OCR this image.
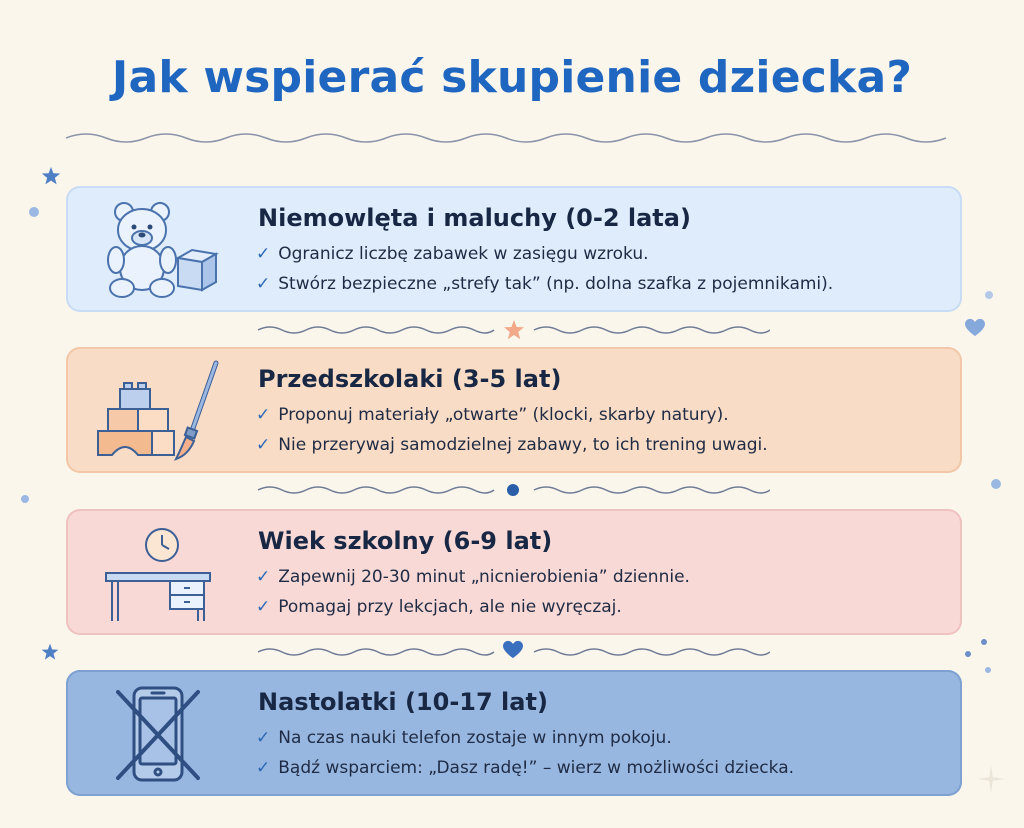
Jak wspierać skupienie dziecka?
Niemowlęta i maluchy (0-2 lata)

✓ Ogranicz liczbę zabawek w zasięgu wzroku.

✓ Stwórz bezpieczne „strefy tak” (np. dolna szafka z pojemnikami).

Przedszkolaki (3-5 lat)

✓ Proponuj materiały „otwarte” (klocki, skarby natury).

✓ Nie przerywaj samodzielnej zabawy, to ich trening uwagi.

Wiek szkolny (6-9 lat)

✓ Zapewnij 20-30 minut „nicnierobienia” dziennie.

✓ Pomagaj przy lekcjach, ale nie wyręczaj.

Nastolatki (10-17 lat)

✓ Na czas nauki telefon zostaje w innym pokoju.

✓ Bądź wsparciem: „Dasz radę!” – wierz w możliwości dziecka.
